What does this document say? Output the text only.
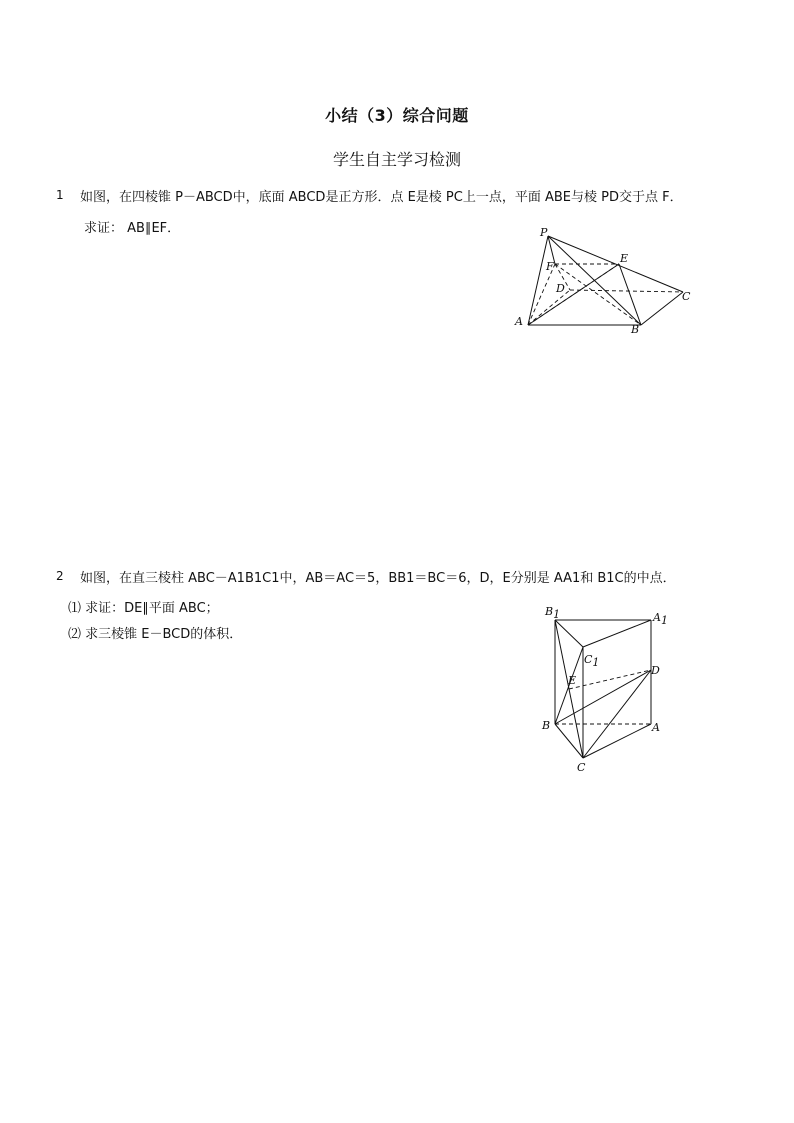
小结（3）综合问题
学生自主学习检测
1 如图，在四棱锥 P－ABCD中，底面 ABCD是正方形．点 E是棱 PC上一点，平面 ABE与棱 PD交于点 F．
求证： AB∥EF．	P
F
E
D
C
A
B
2 如图，在直三棱柱 ABC－A1B1C1中，AB＝AC＝5，BB1＝BC＝6，D，E分别是 AA1和 B1C的中点．
⑴ 求证：DE∥平面 ABC；
⑵ 求三棱锥 E－BCD的体积．
B1	A1
C1
D
E
B	A
C
